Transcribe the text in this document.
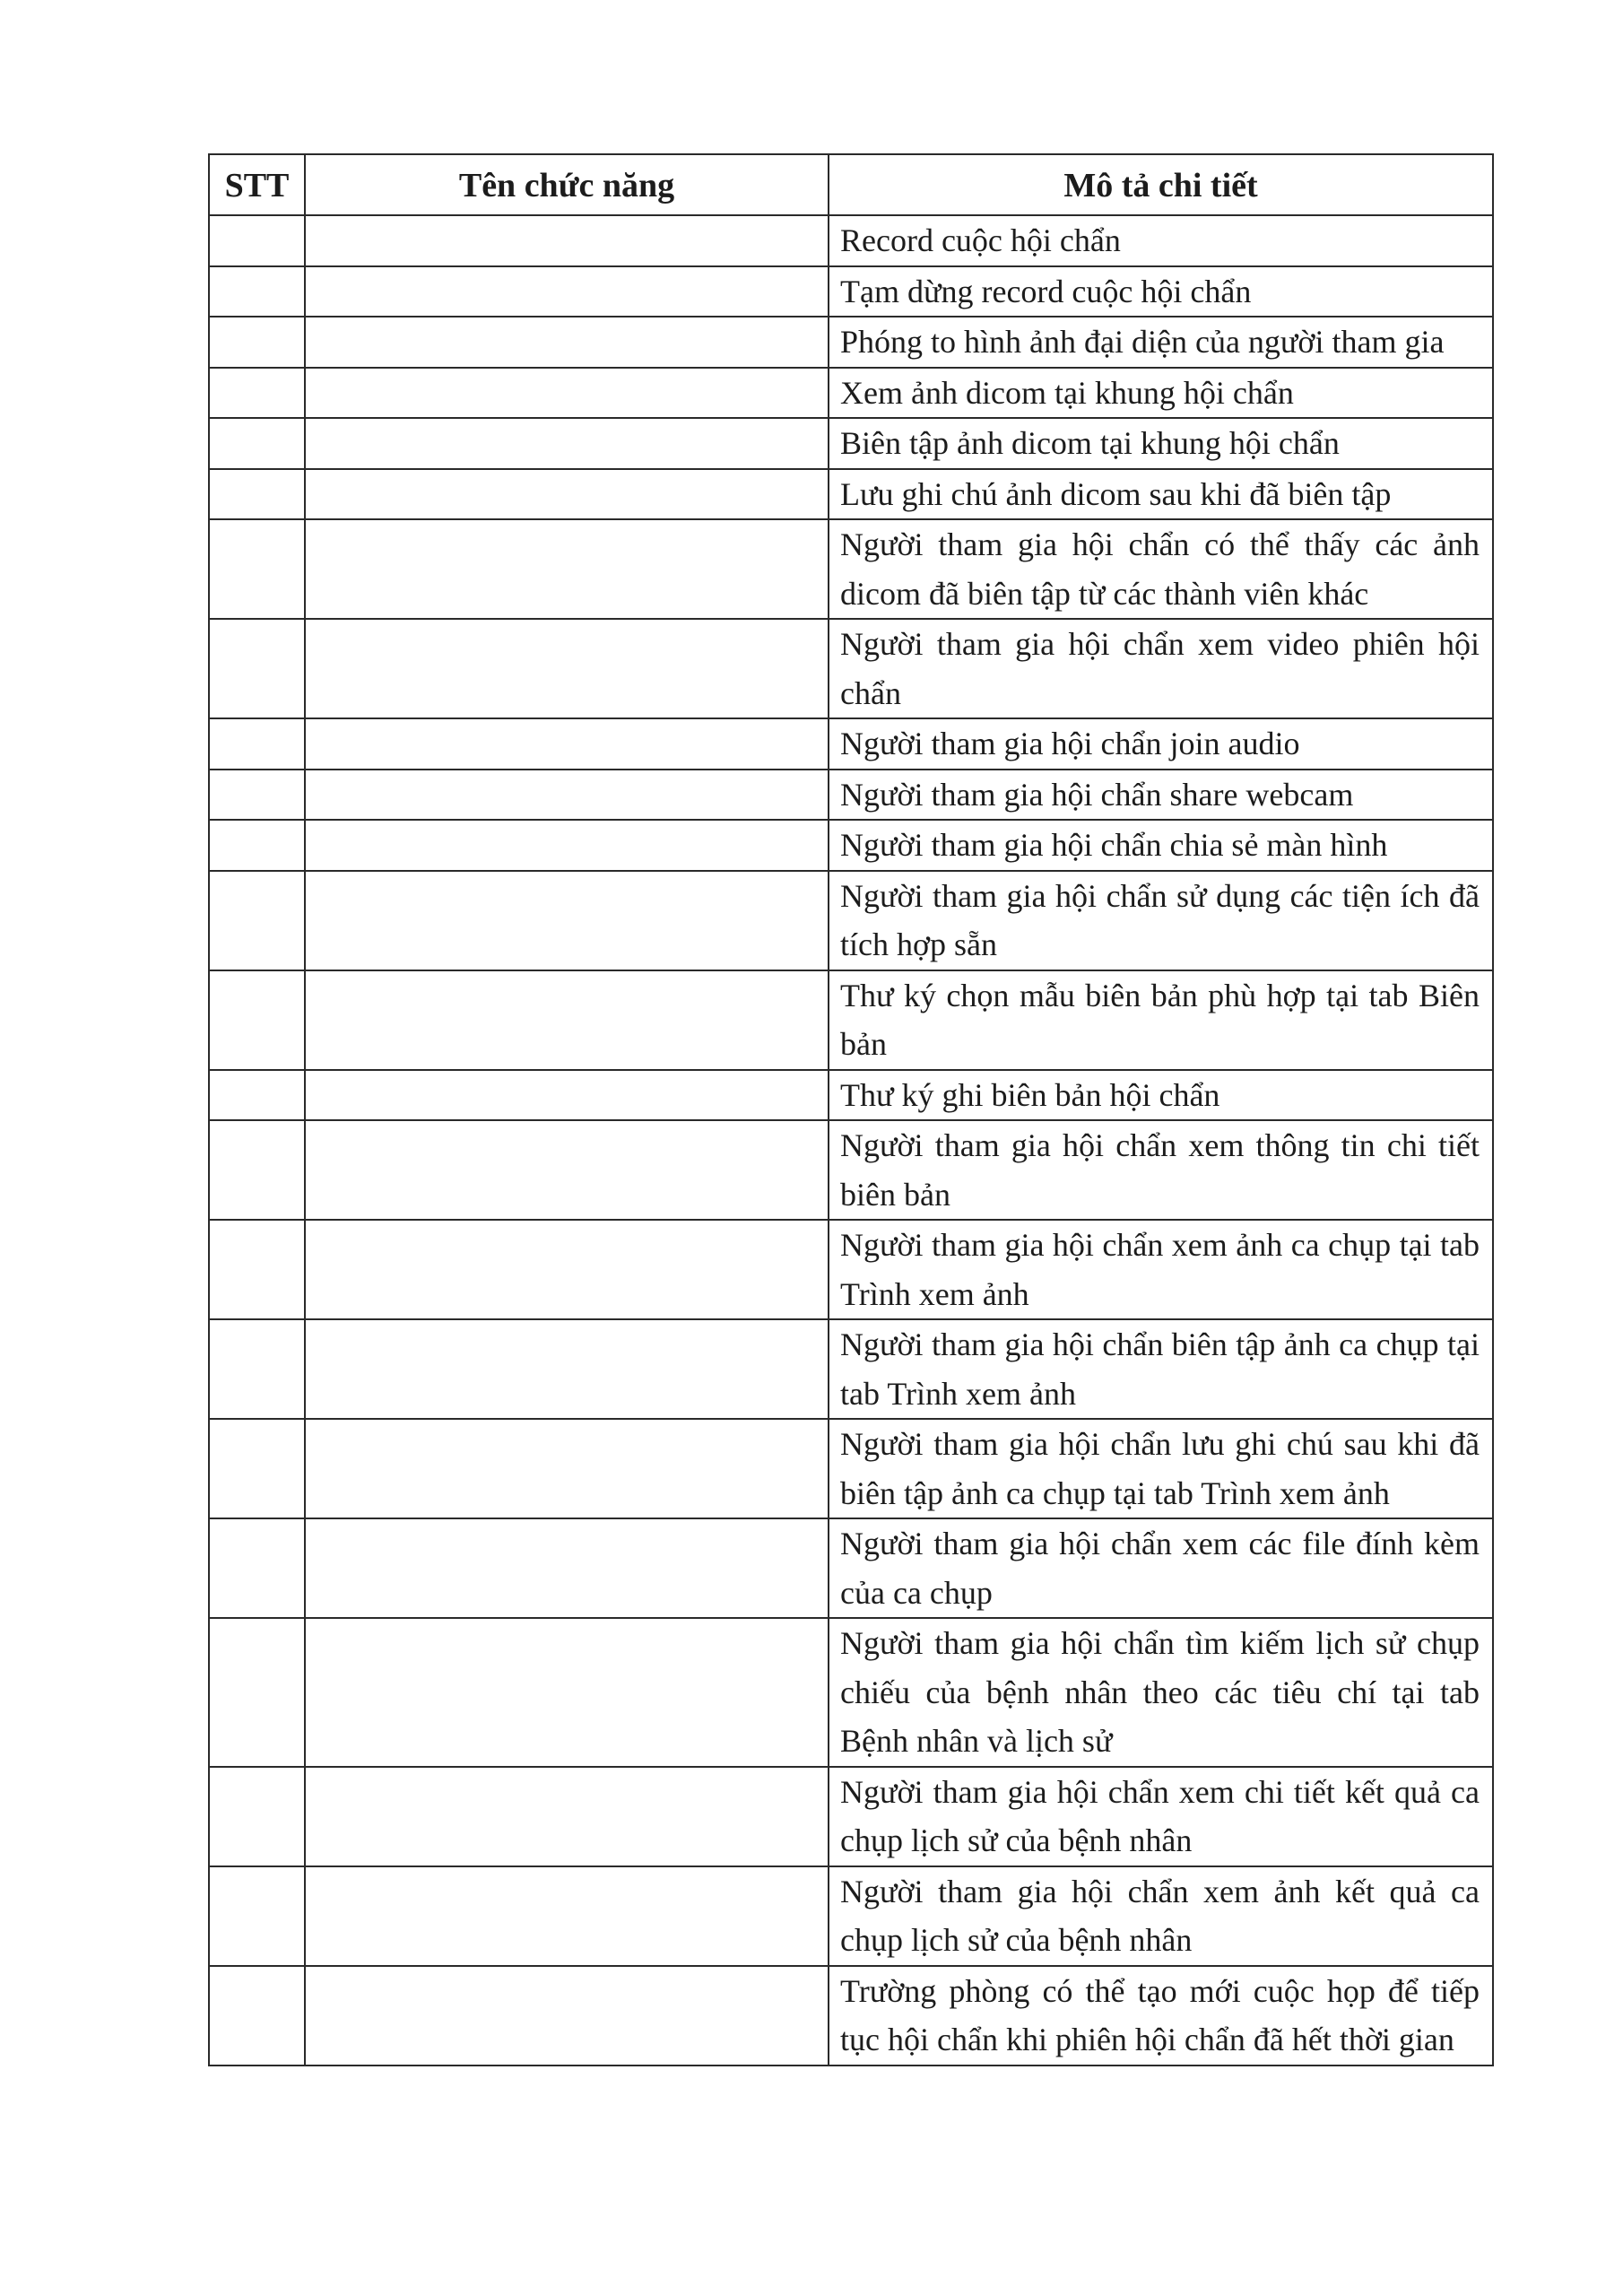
STT	Tên chức năng	Mô tả chi tiết
		Record cuộc hội chẩn
		Tạm dừng record cuộc hội chẩn
		Phóng to hình ảnh đại diện của người tham gia
		Xem ảnh dicom tại khung hội chẩn
		Biên tập ảnh dicom tại khung hội chẩn
		Lưu ghi chú ảnh dicom sau khi đã biên tập
		Người tham gia hội chẩn có thể thấy các ảnh dicom đã biên tập từ các thành viên khác
		Người tham gia hội chẩn xem video phiên hội chẩn
		Người tham gia hội chẩn join audio
		Người tham gia hội chẩn share webcam
		Người tham gia hội chẩn chia sẻ màn hình
		Người tham gia hội chẩn sử dụng các tiện ích đã tích hợp sẵn
		Thư ký chọn mẫu biên bản phù hợp tại tab Biên bản
		Thư ký ghi biên bản hội chẩn
		Người tham gia hội chẩn xem thông tin chi tiết biên bản
		Người tham gia hội chẩn xem ảnh ca chụp tại tab Trình xem ảnh
		Người tham gia hội chẩn biên tập ảnh ca chụp tại tab Trình xem ảnh
		Người tham gia hội chẩn lưu ghi chú sau khi đã biên tập ảnh ca chụp tại tab Trình xem ảnh
		Người tham gia hội chẩn xem các file đính kèm của ca chụp
		Người tham gia hội chẩn tìm kiếm lịch sử chụp chiếu của bệnh nhân theo các tiêu chí tại tab Bệnh nhân và lịch sử
		Người tham gia hội chẩn xem chi tiết kết quả ca chụp lịch sử của bệnh nhân
		Người tham gia hội chẩn xem ảnh kết quả ca chụp lịch sử của bệnh nhân
		Trường phòng có thể tạo mới cuộc họp để tiếp tục hội chẩn khi phiên hội chẩn đã hết thời gian
